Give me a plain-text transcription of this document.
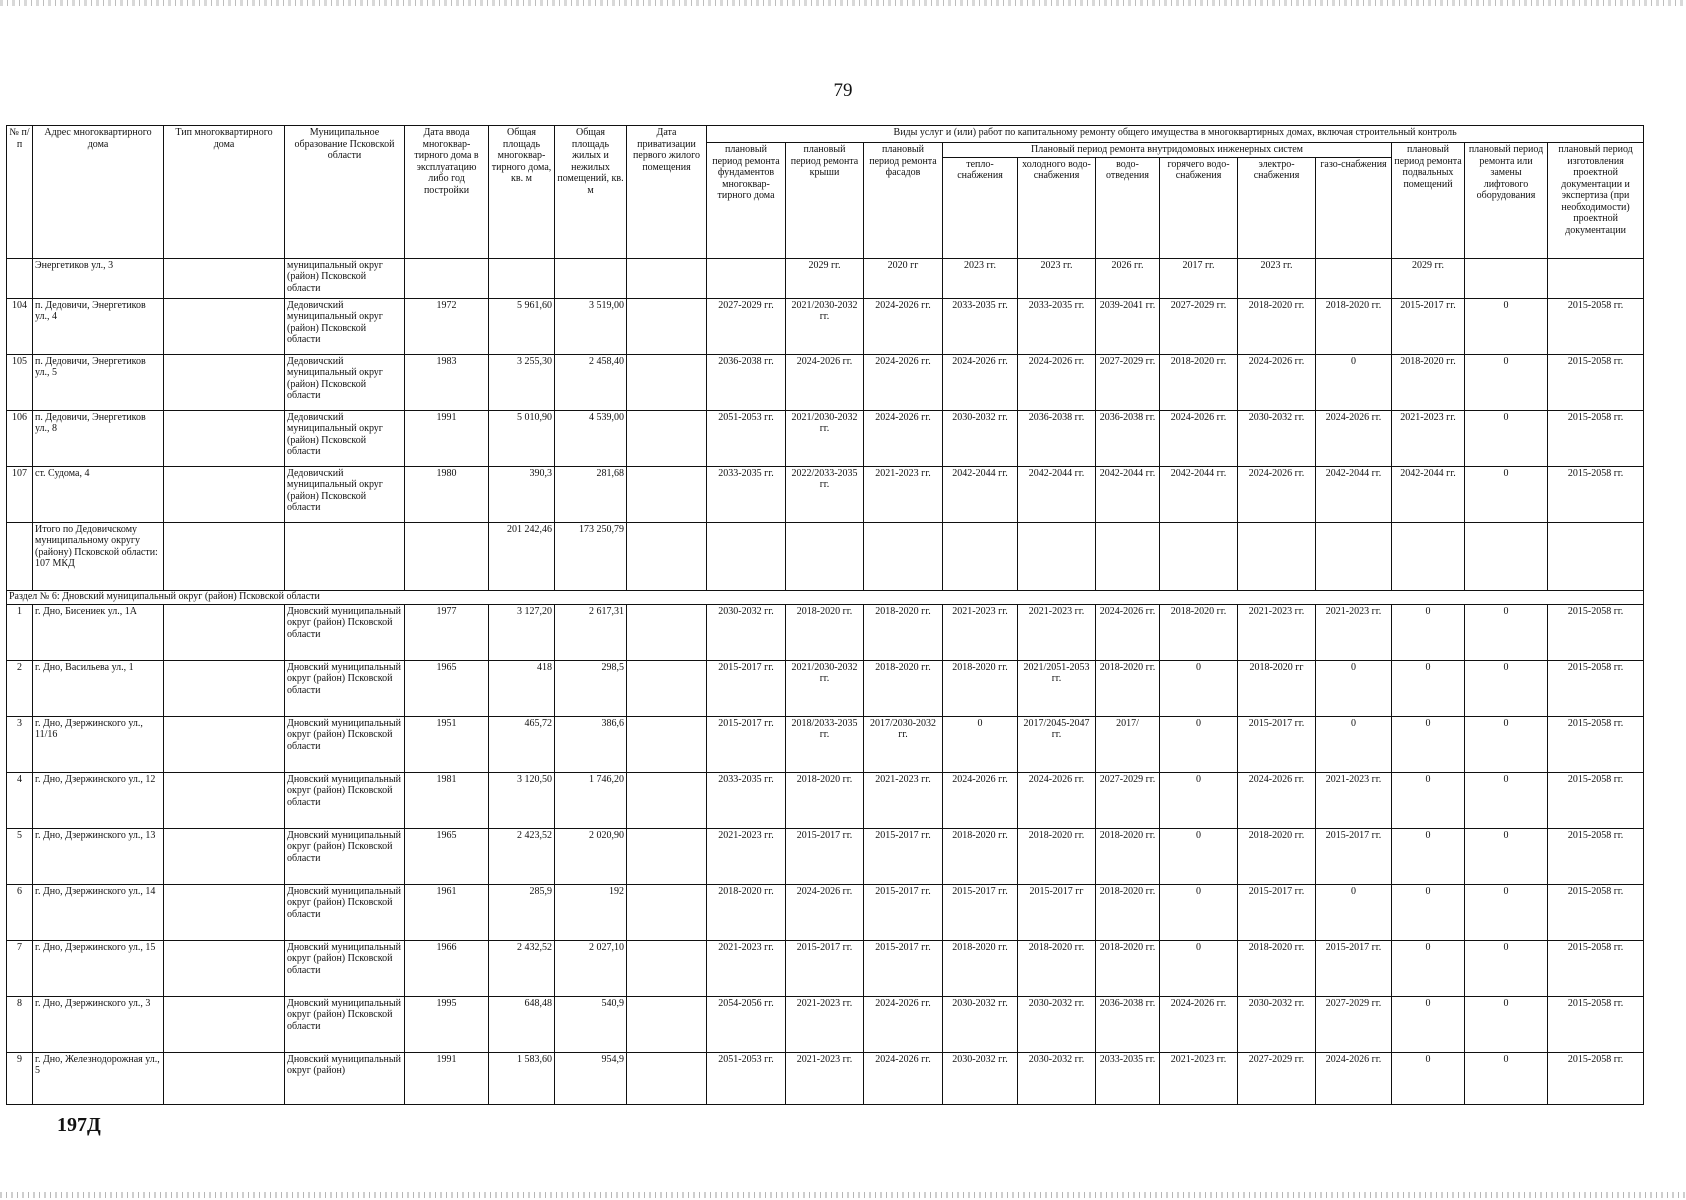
79
№ п/п	Адрес многоквартирного дома	Тип многоквартирного дома	Муниципальное образование Псковской области	Дата ввода многоквар-тирного дома в эксплуатацию либо год постройки	Общая площадь многоквар-тирного дома, кв. м	Общая площадь жилых и нежилых помещений, кв. м	Дата приватизации первого жилого помещения	Виды услуг и (или) работ по капитальному ремонту общего имущества в многоквартирных домах, включая строительный контроль											
								плановый период ремонта фундаментов многоквар-тирного дома	плановый период ремонта крыши	плановый период ремонта фасадов	Плановый период ремонта внутридомовых инженерных систем						плановый период ремонта подвальных помещений	плановый период ремонта или замены лифтового оборудования	плановый период изготовления проектной документации и экспертиза (при необходимости) проектной документации
											тепло-снабжения	холодного водо-снабжения	водо-отведения	горячего водо-снабжения	электро-снабжения	газо-снабжения			
	Энергетиков ул., 3		муниципальный округ (район) Псковской области						2029 гг.	2020 гг	2023 гг.	2023 гг.	2026 гг.	2017 гг.	2023 гг.		2029 гг.		
104	п. Дедовичи, Энергетиков ул., 4		Дедовичский муниципальный округ (район) Псковской области	1972	5 961,60	3 519,00		2027-2029 гг.	2021/2030-2032 гг.	2024-2026 гг.	2033-2035 гг.	2033-2035 гг.	2039-2041 гг.	2027-2029 гг.	2018-2020 гг.	2018-2020 гг.	2015-2017 гг.	0	2015-2058 гг.
105	п. Дедовичи, Энергетиков ул., 5		Дедовичский муниципальный округ (район) Псковской области	1983	3 255,30	2 458,40		2036-2038 гг.	2024-2026 гг.	2024-2026 гг.	2024-2026 гг.	2024-2026 гг.	2027-2029 гг.	2018-2020 гг.	2024-2026 гг.	0	2018-2020 гг.	0	2015-2058 гг.
106	п. Дедовичи, Энергетиков ул., 8		Дедовичский муниципальный округ (район) Псковской области	1991	5 010,90	4 539,00		2051-2053 гг.	2021/2030-2032 гг.	2024-2026 гг.	2030-2032 гг.	2036-2038 гг.	2036-2038 гг.	2024-2026 гг.	2030-2032 гг.	2024-2026 гг.	2021-2023 гг.	0	2015-2058 гг.
107	ст. Судома, 4		Дедовичский муниципальный округ (район) Псковской области	1980	390,3	281,68		2033-2035 гг.	2022/2033-2035 гг.	2021-2023 гг.	2042-2044 гг.	2042-2044 гг.	2042-2044 гг.	2042-2044 гг.	2024-2026 гг.	2042-2044 гг.	2042-2044 гг.	0	2015-2058 гг.
	Итого по Дедовичскому муниципальному округу (району) Псковской области: 107 МКД				201 242,46	173 250,79													
Раздел № 6: Дновский муниципальный округ (район) Псковской области																			
1	г. Дно, Бисениек ул., 1А		Дновский муниципальный округ (район) Псковской области	1977	3 127,20	2 617,31		2030-2032 гг.	2018-2020 гг.	2018-2020 гг.	2021-2023 гг.	2021-2023 гг.	2024-2026 гг.	2018-2020 гг.	2021-2023 гг.	2021-2023 гг.	0	0	2015-2058 гг.
2	г. Дно, Васильева ул., 1		Дновский муниципальный округ (район) Псковской области	1965	418	298,5		2015-2017 гг.	2021/2030-2032 гг.	2018-2020 гг.	2018-2020 гг.	2021/2051-2053 гг.	2018-2020 гг.	0	2018-2020 гг	0	0	0	2015-2058 гг.
3	г. Дно, Дзержинского ул., 11/16		Дновский муниципальный округ (район) Псковской области	1951	465,72	386,6		2015-2017 гг.	2018/2033-2035 гг.	2017/2030-2032 гг.	0	2017/2045-2047 гг.	2017/	0	2015-2017 гг.	0	0	0	2015-2058 гг.
4	г. Дно, Дзержинского ул., 12		Дновский муниципальный округ (район) Псковской области	1981	3 120,50	1 746,20		2033-2035 гг.	2018-2020 гг.	2021-2023 гг.	2024-2026 гг.	2024-2026 гг.	2027-2029 гг.	0	2024-2026 гг.	2021-2023 гг.	0	0	2015-2058 гг.
5	г. Дно, Дзержинского ул., 13		Дновский муниципальный округ (район) Псковской области	1965	2 423,52	2 020,90		2021-2023 гг.	2015-2017 гг.	2015-2017 гг.	2018-2020 гг.	2018-2020 гг.	2018-2020 гг.	0	2018-2020 гг.	2015-2017 гг.	0	0	2015-2058 гг.
6	г. Дно, Дзержинского ул., 14		Дновский муниципальный округ (район) Псковской области	1961	285,9	192		2018-2020 гг.	2024-2026 гг.	2015-2017 гг.	2015-2017 гг.	2015-2017 гг	2018-2020 гг.	0	2015-2017 гг.	0	0	0	2015-2058 гг.
7	г. Дно, Дзержинского ул., 15		Дновский муниципальный округ (район) Псковской области	1966	2 432,52	2 027,10		2021-2023 гг.	2015-2017 гг.	2015-2017 гг.	2018-2020 гг.	2018-2020 гг.	2018-2020 гг.	0	2018-2020 гг.	2015-2017 гг.	0	0	2015-2058 гг.
8	г. Дно, Дзержинского ул., 3		Дновский муниципальный округ (район) Псковской области	1995	648,48	540,9		2054-2056 гг.	2021-2023 гг.	2024-2026 гг.	2030-2032 гг.	2030-2032 гг.	2036-2038 гг.	2024-2026 гг.	2030-2032 гг.	2027-2029 гг.	0	0	2015-2058 гг.
9	г. Дно, Железнодорожная ул., 5		Дновский муниципальный округ (район)	1991	1 583,60	954,9		2051-2053 гг.	2021-2023 гг.	2024-2026 гг.	2030-2032 гг.	2030-2032 гг.	2033-2035 гг.	2021-2023 гг.	2027-2029 гг.	2024-2026 гг.	0	0	2015-2058 гг.
197Д
